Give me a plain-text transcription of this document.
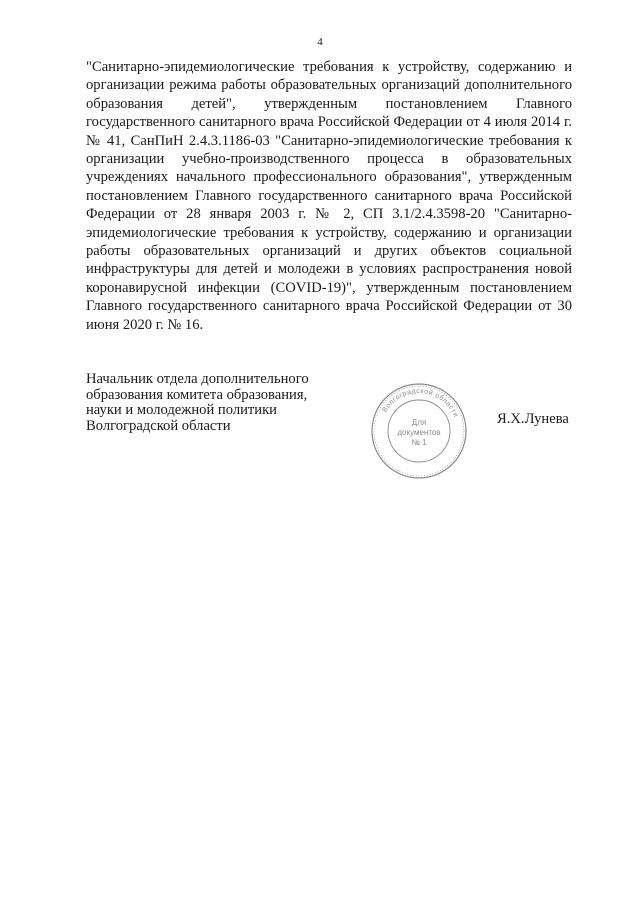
4

"Санитарно-эпидемиологические требования к устройству, содержанию и организации режима работы образовательных организаций дополнительного образования детей", утвержденным постановлением Главного государственного санитарного врача Российской Федерации от 4 июля 2014 г. № 41, СанПиН 2.4.3.1186-03 "Санитарно-эпидемиологические требования к организации учебно-производственного процесса в образовательных учреждениях начального профессионального образования", утвержденным постановлением Главного государственного санитарного врача Российской Федерации от 28 января 2003 г. № 2, СП 3.1/2.4.3598-20 "Санитарно-эпидемиологические требования к устройству, содержанию и организации работы образовательных организаций и других объектов социальной инфраструктуры для детей и молодежи в условиях распространения новой коронавирусной инфекции (COVID-19)", утвержденным постановлением Главного государственного санитарного врача Российской Федерации от 30 июня 2020 г. № 16.

Начальник отдела дополнительного
образования комитета образования,
науки и молодежной политики
Волгоградской области
Волгоградской области
Для
документов
№ 1
Я.Х.Лунева
